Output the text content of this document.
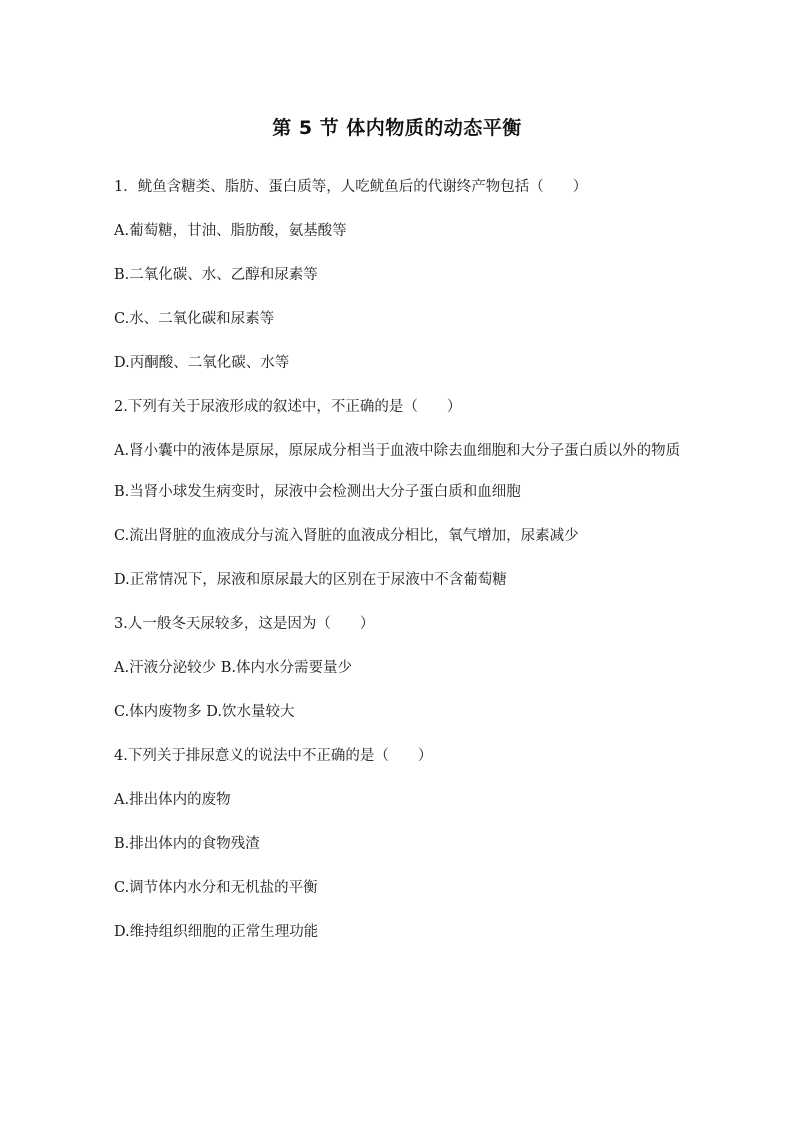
第 5 节 体内物质的动态平衡

1．鱿鱼含糖类、脂肪、蛋白质等，人吃鱿鱼后的代谢终产物包括（　　）

A.葡萄糖，甘油、脂肪酸，氨基酸等

B.二氧化碳、水、乙醇和尿素等

C.水、二氧化碳和尿素等

D.丙酮酸、二氧化碳、水等

2.下列有关于尿液形成的叙述中，不正确的是（　　）

A.肾小囊中的液体是原尿，原尿成分相当于血液中除去血细胞和大分子蛋白质以外的物质

B.当肾小球发生病变时，尿液中会检测出大分子蛋白质和血细胞

C.流出肾脏的血液成分与流入肾脏的血液成分相比，氧气增加，尿素减少

D.正常情况下，尿液和原尿最大的区别在于尿液中不含葡萄糖

3.人一般冬天尿较多，这是因为（　　）

A.汗液分泌较少 B.体内水分需要量少

C.体内废物多 D.饮水量较大

4.下列关于排尿意义的说法中不正确的是（　　）

A.排出体内的废物

B.排出体内的食物残渣

C.调节体内水分和无机盐的平衡

D.维持组织细胞的正常生理功能
